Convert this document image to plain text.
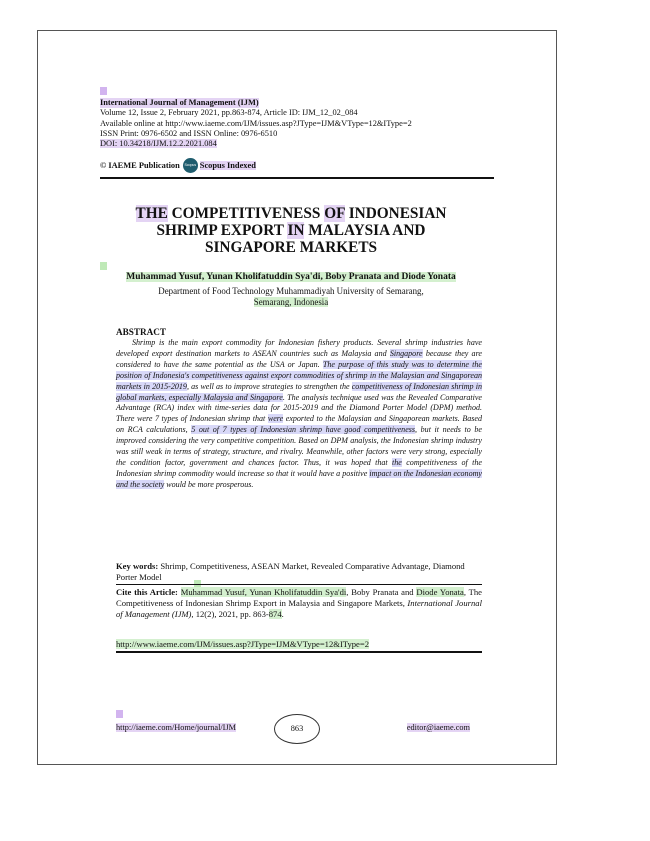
International Journal of Management (IJM)
Volume 12, Issue 2, February 2021, pp.863-874, Article ID: IJM_12_02_084
Available online at http://www.iaeme.com/IJM/issues.asp?JType=IJM&VType=12&IType=2
ISSN Print: 0976-6502 and ISSN Online: 0976-6510
DOI: 10.34218/IJM.12.2.2021.084
© IAEME Publication	Scopus Scopus Indexed
THE COMPETITIVENESS OF INDONESIAN
SHRIMP EXPORT IN MALAYSIA AND
SINGAPORE MARKETS
Muhammad Yusuf, Yunan Kholifatuddin Sya'di, Boby Pranata and Diode Yonata
Department of Food Technology Muhammadiyah University of Semarang,
Semarang, Indonesia
ABSTRACT
Shrimp is the main export commodity for Indonesian fishery products. Several shrimp industries have developed export destination markets to ASEAN countries such as Malaysia and Singapore because they are considered to have the same potential as the USA or Japan. The purpose of this study was to determine the position of Indonesia's competitiveness against export commodities of shrimp in the Malaysian and Singaporean markets in 2015-2019, as well as to improve strategies to strengthen the competitiveness of Indonesian shrimp in global markets, especially Malaysia and Singapore. The analysis technique used was the Revealed Comparative Advantage (RCA) index with time-series data for 2015-2019 and the Diamond Porter Model (DPM) method. There were 7 types of Indonesian shrimp that were exported to the Malaysian and Singaporean markets. Based on RCA calculations, 5 out of 7 types of Indonesian shrimp have good competitiveness, but it needs to be improved considering the very competitive competition. Based on DPM analysis, the Indonesian shrimp industry was still weak in terms of strategy, structure, and rivalry. Meanwhile, other factors were very strong, especially the condition factor, government and chances factor. Thus, it was hoped that the competitiveness of the Indonesian shrimp commodity would increase so that it would have a positive impact on the Indonesian economy and the society would be more prosperous.
Key words: Shrimp, Competitiveness, ASEAN Market, Revealed Comparative Advantage, Diamond Porter Model
Cite this Article: Muhammad Yusuf, Yunan Kholifatuddin Sya'di, Boby Pranata and Diode Yonata, The Competitiveness of Indonesian Shrimp Export in Malaysia and Singapore Markets, International Journal of Management (IJM), 12(2), 2021, pp. 863-874.
http://www.iaeme.com/IJM/issues.asp?JType=IJM&VType=12&IType=2
http://iaeme.com/Home/journal/IJM	863	editor@iaeme.com
